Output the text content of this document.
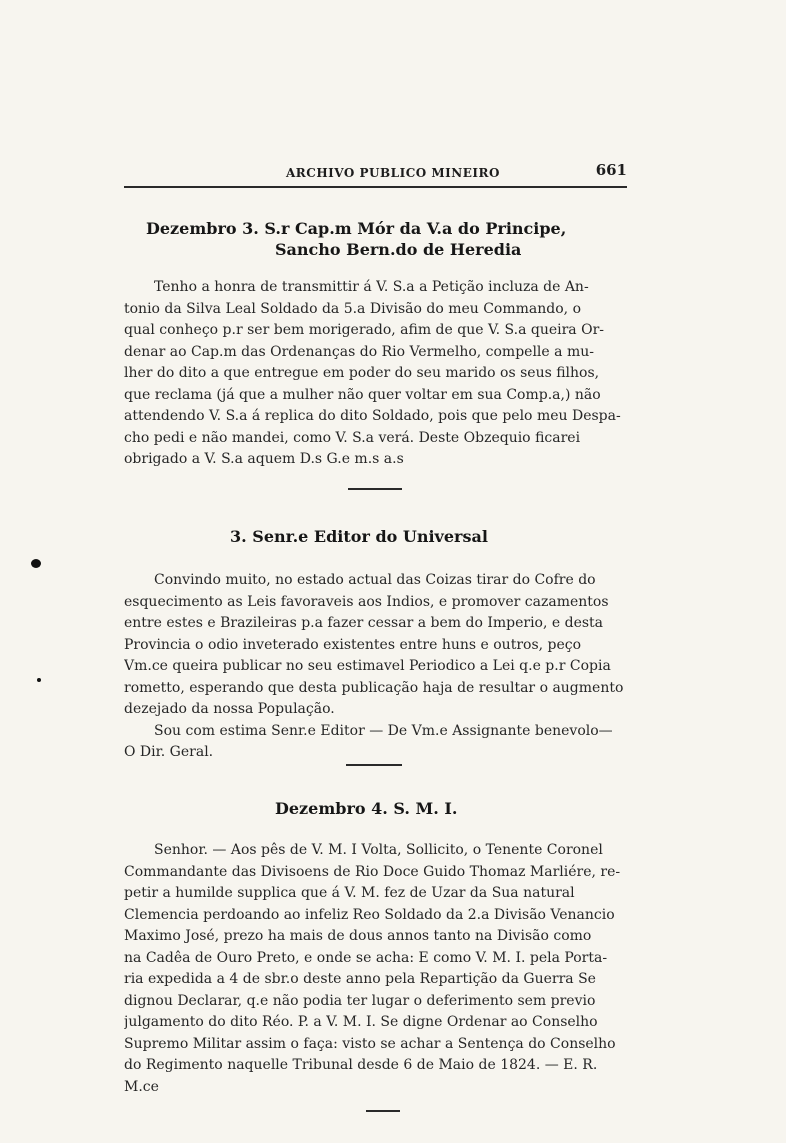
ARCHIVO PUBLICO MINEIRO	661
Dezembro 3. S.r Cap.m Mór da V.a do Principe,
Sancho Bern.do de Heredia
Tenho a honra de transmittir á V. S.a a Petição incluza de An-
tonio da Silva Leal Soldado da 5.a Divisão do meu Commando, o
qual conheço p.r ser bem morigerado, afim de que V. S.a queira Or-
denar ao Cap.m das Ordenanças do Rio Vermelho, compelle a mu-
lher do dito a que entregue em poder do seu marido os seus filhos,
que reclama (já que a mulher não quer voltar em sua Comp.a,) não
attendendo V. S.a á replica do dito Soldado, pois que pelo meu Despa-
cho pedi e não mandei, como V. S.a verá. Deste Obzequio ficarei
obrigado a V. S.a aquem D.s G.e m.s a.s
3. Senr.e Editor do Universal
Convindo muito, no estado actual das Coizas tirar do Cofre do
esquecimento as Leis favoraveis aos Indios, e promover cazamentos
entre estes e Brazileiras p.a fazer cessar a bem do Imperio, e desta
Provincia o odio inveterado existentes entre huns e outros, peço
Vm.ce queira publicar no seu estimavel Periodico a Lei q.e p.r Copia
rometto, esperando que desta publicação haja de resultar o augmento
dezejado da nossa População.
Sou com estima Senr.e Editor — De Vm.e Assignante benevolo—
O Dir. Geral.
Dezembro 4. S. M. I.
Senhor. — Aos pês de V. M. I Volta, Sollicito, o Tenente Coronel
Commandante das Divisoens de Rio Doce Guido Thomaz Marliére, re-
petir a humilde supplica que á V. M. fez de Uzar da Sua natural
Clemencia perdoando ao infeliz Reo Soldado da 2.a Divisão Venancio
Maximo José, prezo ha mais de dous annos tanto na Divisão como
na Cadêa de Ouro Preto, e onde se acha: E como V. M. I. pela Porta-
ria expedida a 4 de sbr.o deste anno pela Repartição da Guerra Se
dignou Declarar, q.e não podia ter lugar o deferimento sem previo
julgamento do dito Réo. P. a V. M. I. Se digne Ordenar ao Conselho
Supremo Militar assim o faça: visto se achar a Sentença do Conselho
do Regimento naquelle Tribunal desde 6 de Maio de 1824. — E. R.
M.ce
